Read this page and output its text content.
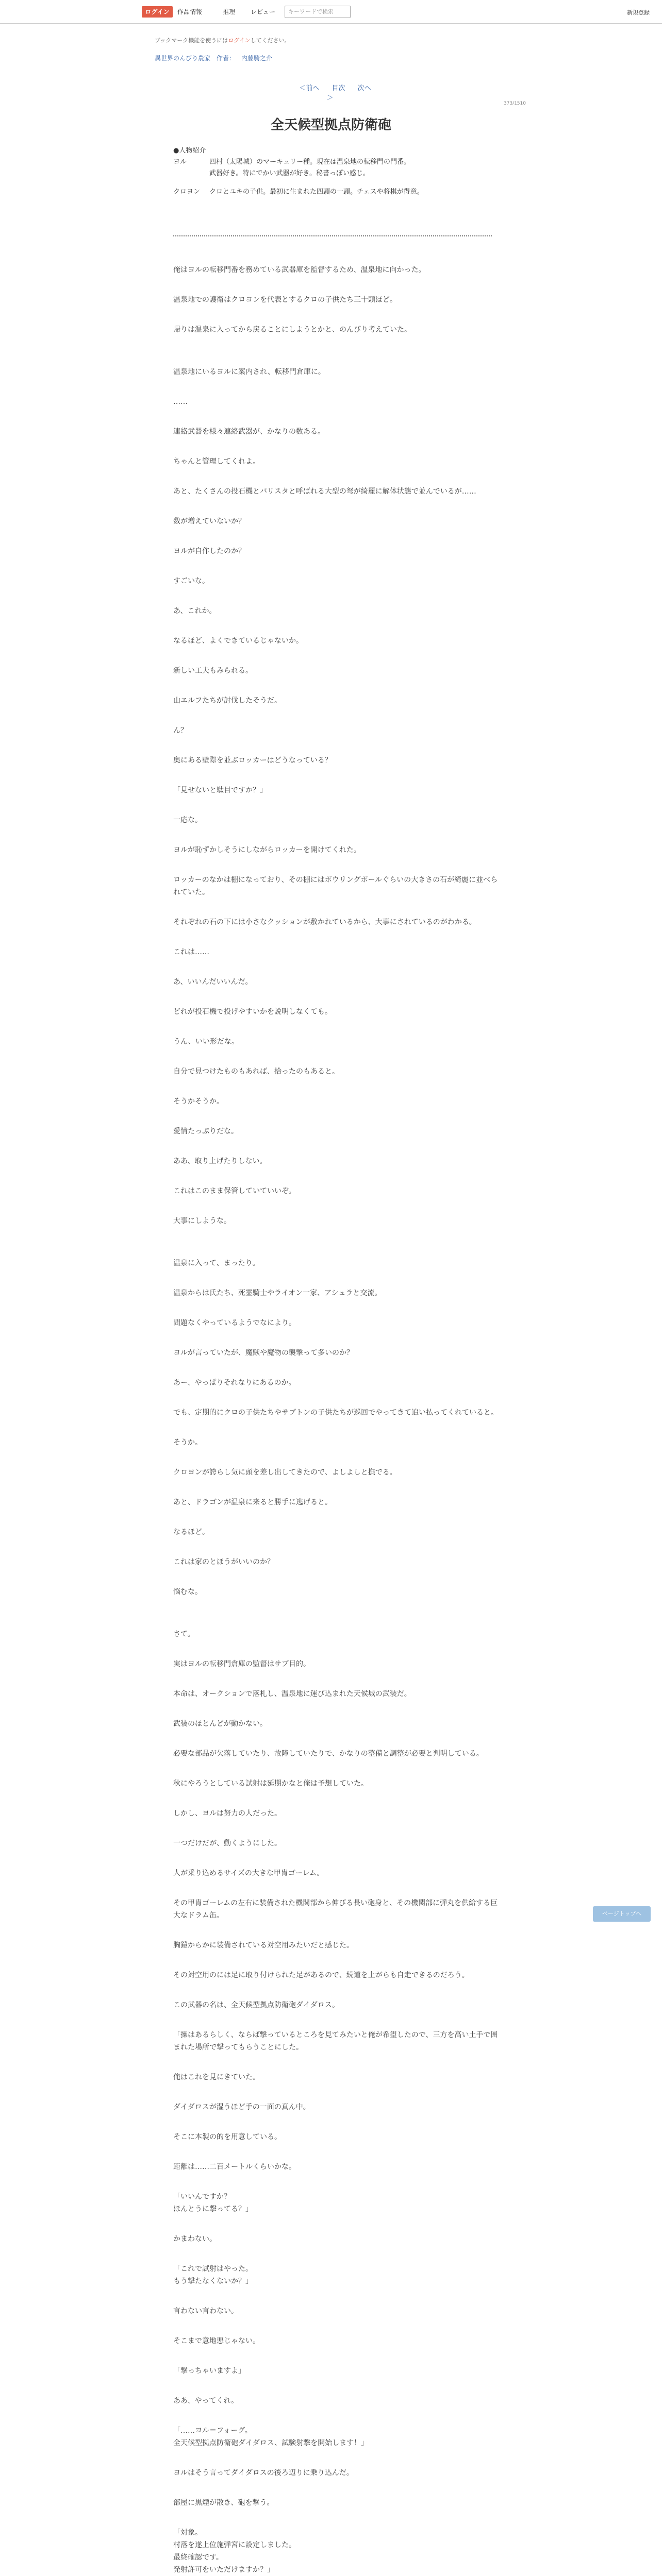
ログイン	作品情報	推理 レビュー	キーワードで検索	新規登録
ブックマーク機能を使うにはログインしてください。
異世界のんびり農家 作者： 内藤騎之介
＜前へ 目次 次へ＞
373/1510
全天候型拠点防衛砲
●人物紹介
ヨル	四村（太陽城）のマーキュリー種。現在は温泉地の転移門の門番。
武器好き。特にでかい武器が好き。秘書っぽい感じ。
クロヨン	クロとユキの子供。最初に生まれた四頭の一頭。チェスや将棋が得意。

俺はヨルの転移門番を務めている武器庫を監督するため、温泉地に向かった。

温泉地での護衛はクロヨンを代表とするクロの子供たち三十頭ほど。

帰りは温泉に入ってから戻ることにしようとかと、のんびり考えていた。

温泉地にいるヨルに案内され、転移門倉庫に。

……

連絡武器を様々連絡武器が、かなりの数ある。

ちゃんと管理してくれよ。

あと、たくさんの投石機とバリスタと呼ばれる大型の弩が綺麗に解体状態で並んでいるが……

数が増えていないか？

ヨルが自作したのか？

すごいな。

あ、これか。

なるほど、よくできているじゃないか。

新しい工夫もみられる。

山エルフたちが討伐したそうだ。

ん？

奥にある壁際を並ぶロッカーはどうなっている？

「見せないと駄目ですか？」

一応な。

ヨルが恥ずかしそうにしながらロッカーを開けてくれた。

ロッカーのなかは棚になっており、その棚にはボウリングボールぐらいの大きさの石が綺麗に並べられていた。

それぞれの石の下には小さなクッションが敷かれているから、大事にされているのがわかる。

これは……

あ、いいんだいいんだ。

どれが投石機で投げやすいかを説明しなくても。

うん、いい形だな。

自分で見つけたものもあれば、拾ったのもあると。

そうかそうか。

愛情たっぷりだな。

ああ、取り上げたりしない。

これはこのまま保管していていいぞ。

大事にしような。

温泉に入って、まったり。

温泉からは氏たち、死霊騎士やライオン一家、アシュラと交流。

問題なくやっているようでなにより。

ヨルが言っていたが、魔獣や魔物の襲撃って多いのか？

あー、やっぱりそれなりにあるのか。

でも、定期的にクロの子供たちやサブトンの子供たちが巡回でやってきて追い払ってくれていると。

そうか。

クロヨンが誇らし気に頭を差し出してきたので、よしよしと撫でる。

あと、ドラゴンが温泉に来ると勝手に逃げると。

なるほど。

これは家のとほうがいいのか？

悩むな。

さて。

実はヨルの転移門倉庫の監督はサブ目的。

本命は、オークションで落札し、温泉地に運び込まれた天候城の武装だ。

武装のほとんどが動かない。

必要な部品が欠落していたり、故障していたりで、かなりの整備と調整が必要と判明している。

秋にやろうとしている試射は延期かなと俺は予想していた。

しかし、ヨルは努力の人だった。

一つだけだが、動くようにした。

人が乗り込めるサイズの大きな甲冑ゴーレム。

その甲冑ゴーレムの左右に装備された機関部から伸びる長い砲身と、その機関部に弾丸を供給する巨大なドラム缶。

胸鎧からかに装備されている対空用みたいだと感じた。

その対空用のには足に取り付けられた足があるので、続道を上がらも自走できるのだろう。

この武器の名は、全天候型拠点防衛砲ダイダロス。

「操はあるらしく、ならば撃っているところを見てみたいと俺が希望したので、三方を高い土手で囲まれた場所で撃ってもらうことにした。

俺はこれを見にきていた。

ダイダロスが湿うほど手の一面の真ん中。

そこに本製の的を用意している。

距離は……二百メートルくらいかな。

「いいんですか？
ほんとうに撃ってる？」

かまわない。

「これで試射はやった。
もう撃たなくないか？」

言わない言わない。

そこまで意地悪じゃない。

「撃っちゃいますよ」

ああ、やってくれ。

「……ヨル＝フォーグ。
全天候型拠点防衛砲ダイダロス、試験射撃を開始します！」

ヨルはそう言ってダイダロスの後ろ辺りに乗り込んだ。

部屋に黒煙が散き、砲を撃う。

「対象。
村落を遂上位施弾宮に設定しました。
最終確認です。
発射許可をいただけますか？」

ページトップへ
